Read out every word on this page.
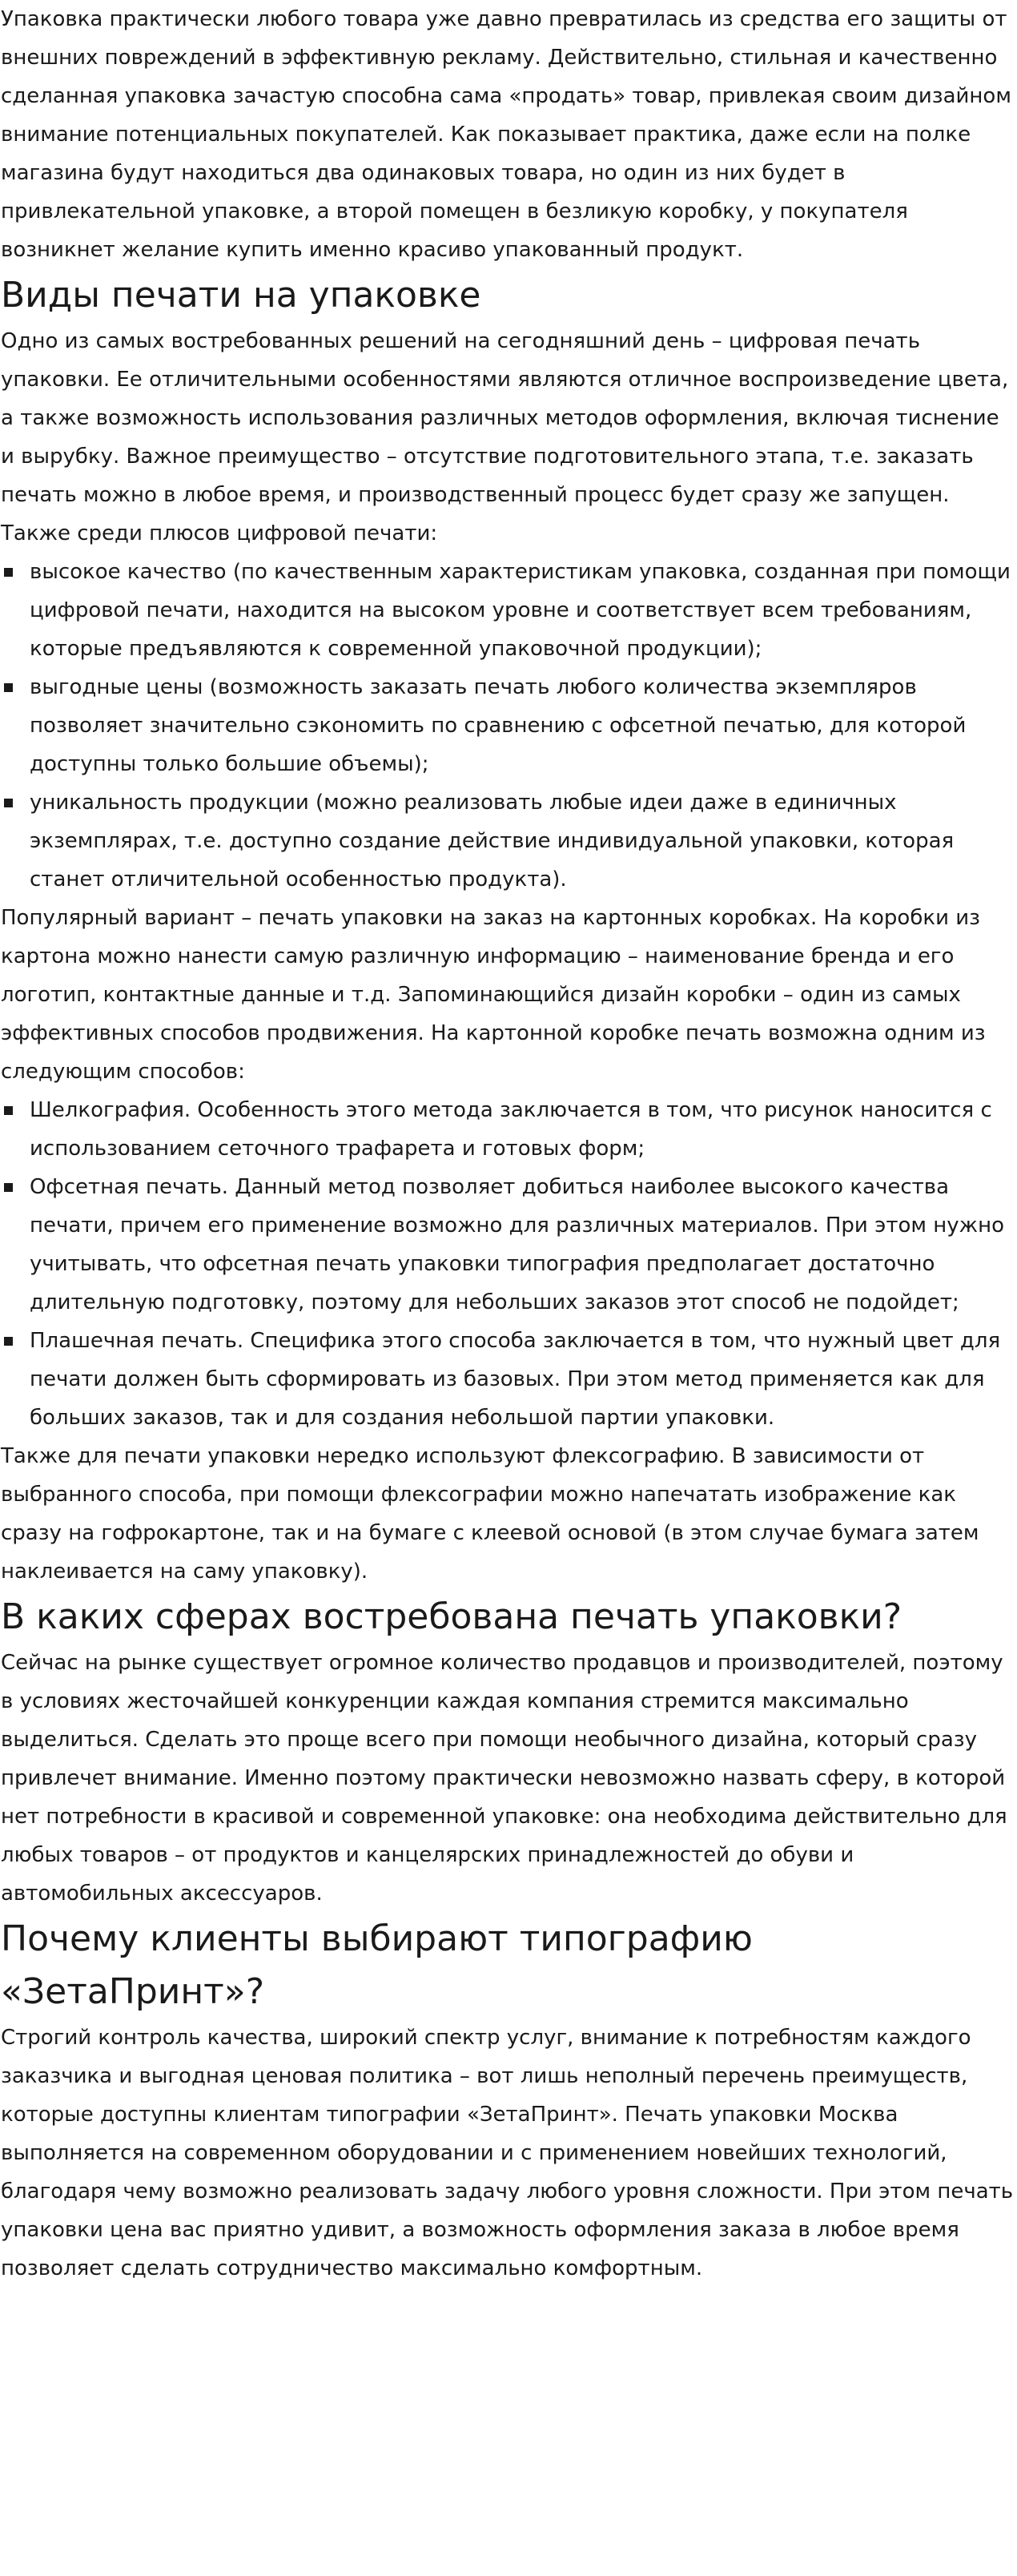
Упаковка практически любого товара уже давно превратилась из средства его защиты от внешних повреждений в эффективную рекламу. Действительно, стильная и качественно сделанная упаковка зачастую способна сама «продать» товар, привлекая своим дизайном внимание потенциальных покупателей. Как показывает практика, даже если на полке магазина будут находиться два одинаковых товара, но один из них будет в привлекательной упаковке, а второй помещен в безликую коробку, у покупателя возникнет желание купить именно красиво упакованный продукт.

Виды печати на упаковке

Одно из самых востребованных решений на сегодняшний день – цифровая печать упаковки. Ее отличительными особенностями являются отличное воспроизведение цвета, а также возможность использования различных методов оформления, включая тиснение и вырубку. Важное преимущество – отсутствие подготовительного этапа, т.е. заказать печать можно в любое время, и производственный процесс будет сразу же запущен. Также среди плюсов цифровой печати:

высокое качество (по качественным характеристикам упаковка, созданная при помощи цифровой печати, находится на высоком уровне и соответствует всем требованиям, которые предъявляются к современной упаковочной продукции);
выгодные цены (возможность заказать печать любого количества экземпляров позволяет значительно сэкономить по сравнению с офсетной печатью, для которой доступны только большие объемы);
уникальность продукции (можно реализовать любые идеи даже в единичных экземплярах, т.е. доступно создание действие индивидуальной упаковки, которая станет отличительной особенностью продукта).

Популярный вариант – печать упаковки на заказ на картонных коробках. На коробки из картона можно нанести самую различную информацию – наименование бренда и его логотип, контактные данные и т.д. Запоминающийся дизайн коробки – один из самых эффективных способов продвижения. На картонной коробке печать возможна одним из следующим способов:

Шелкография. Особенность этого метода заключается в том, что рисунок наносится с использованием сеточного трафарета и готовых форм;
Офсетная печать. Данный метод позволяет добиться наиболее высокого качества печати, причем его применение возможно для различных материалов. При этом нужно учитывать, что офсетная печать упаковки типография предполагает достаточно длительную подготовку, поэтому для небольших заказов этот способ не подойдет;
Плашечная печать. Специфика этого способа заключается в том, что нужный цвет для печати должен быть сформировать из базовых. При этом метод применяется как для больших заказов, так и для создания небольшой партии упаковки.

Также для печати упаковки нередко используют флексографию. В зависимости от выбранного способа, при помощи флексографии можно напечатать изображение как сразу на гофрокартоне, так и на бумаге с клеевой основой (в этом случае бумага затем наклеивается на саму упаковку).

В каких сферах востребована печать упаковки?

Сейчас на рынке существует огромное количество продавцов и производителей, поэтому в условиях жесточайшей конкуренции каждая компания стремится максимально выделиться. Сделать это проще всего при помощи необычного дизайна, который сразу привлечет внимание. Именно поэтому практически невозможно назвать сферу, в которой нет потребности в красивой и современной упаковке: она необходима действительно для любых товаров – от продуктов и канцелярских принадлежностей до обуви и автомобильных аксессуаров.

Почему клиенты выбирают типографию «ЗетаПринт»?

Строгий контроль качества, широкий спектр услуг, внимание к потребностям каждого заказчика и выгодная ценовая политика – вот лишь неполный перечень преимуществ, которые доступны клиентам типографии «ЗетаПринт». Печать упаковки Москва выполняется на современном оборудовании и с применением новейших технологий, благодаря чему возможно реализовать задачу любого уровня сложности. При этом печать упаковки цена вас приятно удивит, а возможность оформления заказа в любое время позволяет сделать сотрудничество максимально комфортным.
